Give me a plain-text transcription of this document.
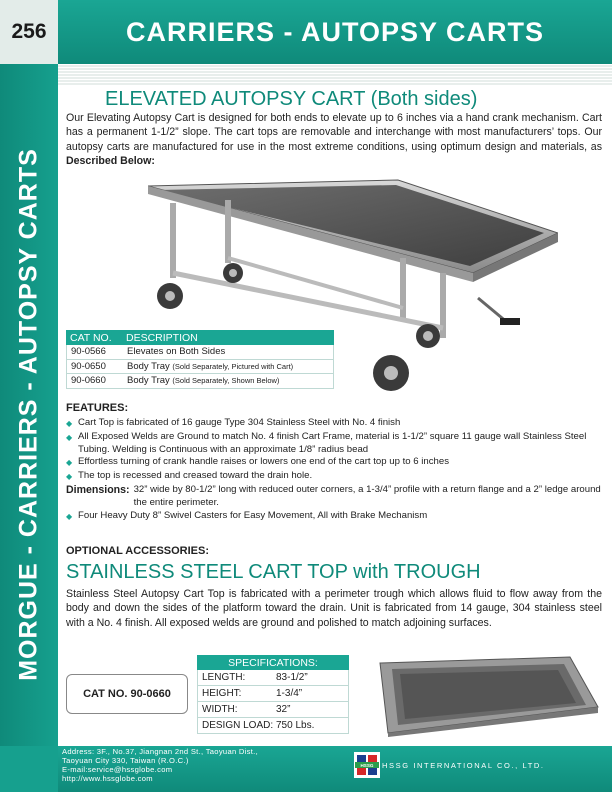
256	CARRIERS - AUTOPSY CARTS
MORGUE - CARRIERS - AUTOPSY CARTS
ELEVATED AUTOPSY CART (Both sides)
Our Elevating Autopsy Cart is designed for both ends to elevate up to 6 inches via a hand crank mechanism. Cart has a permanent 1-1/2” slope. The cart tops are removable and interchange with most manufacturers’ tops. Our autopsy carts are manufactured for use in the most extreme conditions, using optimum design and materials, as Described Below:
CAT NO.	DESCRIPTION
90-0566	Elevates on Both Sides
90-0650	Body Tray
(Sold Separately, Pictured with Cart)
90-0660	Body Tray
(Sold Separately, Shown Below)
FEATURES:
◆ Cart Top is fabricated of 16 gauge Type 304 Stainless Steel with No. 4 finish
◆ All Exposed Welds are Ground to match No. 4 finish Cart Frame, material is 1-1/2” square 11 gauge wall Stainless Steel Tubing. Welding is Continuous with an approximate 1/8” radius bead
◆ Effortless turning of crank handle raises or lowers one end of the cart top up to 6 inches
◆ The top is recessed and creased toward the drain hole.
Dimensions: 32” wide by 80-1/2” long with reduced outer corners, a 1-3/4” profile with a return flange and a 2” ledge around the entire perimeter.
◆ Four Heavy Duty 8” Swivel Casters for Easy Movement, All with Brake Mechanism
OPTIONAL ACCESSORIES:
STAINLESS STEEL CART TOP with TROUGH
Stainless Steel Autopsy Cart Top is fabricated with a perimeter trough which allows fluid to flow away from the body and down the sides of the platform toward the drain. Unit is fabricated from 14 gauge, 304 stainless steel with a No. 4 finish. All exposed welds are ground and polished to match adjoining surfaces.
CAT NO. 90-0660
SPECIFICATIONS:
LENGTH:	83-1/2”
HEIGHT:	1-3/4”
WIDTH:	32”
DESIGN LOAD: 750 Lbs.
Address: 3F., No.37, Jiangnan 2nd St., Taoyuan Dist.,
Taoyuan City 330, Taiwan (R.O.C.)
E-mail:service@hssglobe.com
http://www.hssglobe.com
HSSG HSSG INTERNATIONAL CO., LTD.
